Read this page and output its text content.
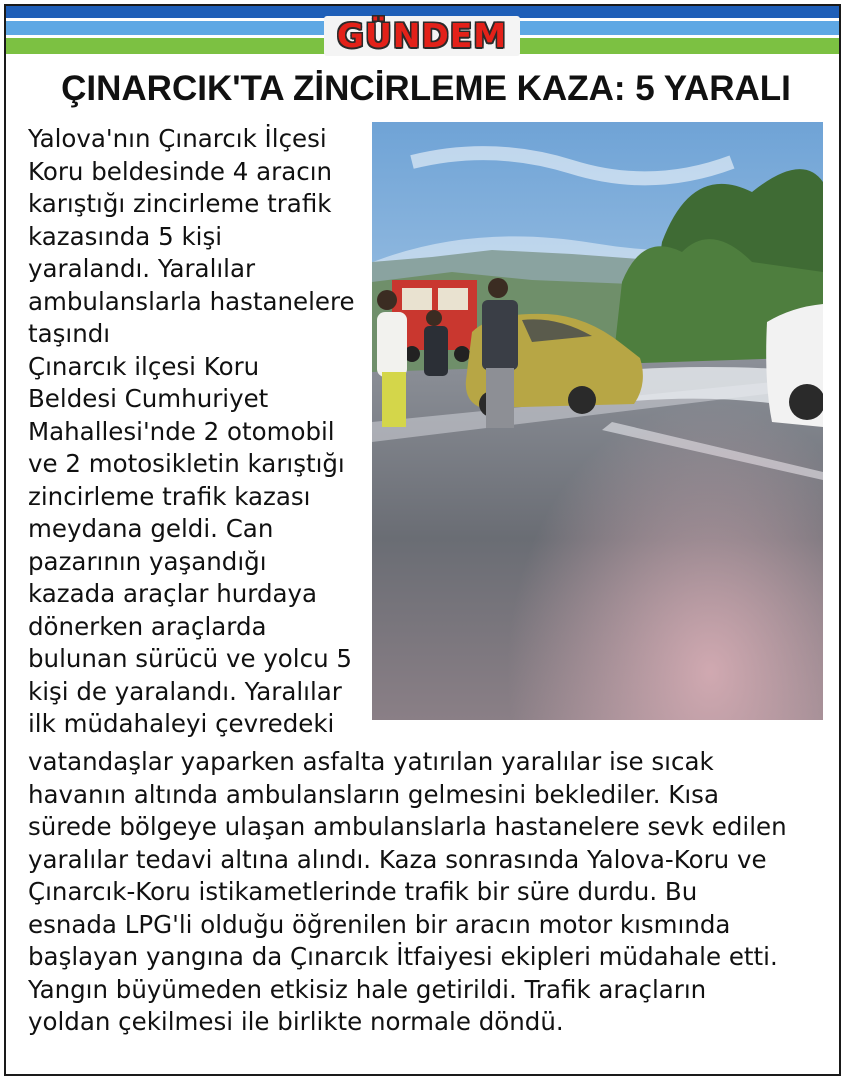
GÜNDEM
ÇINARCIK'TA ZİNCİRLEME KAZA: 5 YARALI
Yalova'nın Çınarcık İlçesi
Koru beldesinde 4 aracın
karıştığı zincirleme trafik
kazasında 5 kişi
yaralandı. Yaralılar
ambulanslarla hastanelere
taşındı
Çınarcık ilçesi Koru
Beldesi Cumhuriyet
Mahallesi'nde 2 otomobil
ve 2 motosikletin karıştığı
zincirleme trafik kazası
meydana geldi. Can
pazarının yaşandığı
kazada araçlar hurdaya
dönerken araçlarda
bulunan sürücü ve yolcu 5
kişi de yaralandı. Yaralılar
ilk müdahaleyi çevredeki
vatandaşlar yaparken asfalta yatırılan yaralılar ise sıcak
havanın altında ambulansların gelmesini beklediler. Kısa
sürede bölgeye ulaşan ambulanslarla hastanelere sevk edilen
yaralılar tedavi altına alındı. Kaza sonrasında Yalova-Koru ve
Çınarcık-Koru istikametlerinde trafik bir süre durdu. Bu
esnada LPG'li olduğu öğrenilen bir aracın motor kısmında
başlayan yangına da Çınarcık İtfaiyesi ekipleri müdahale etti.
Yangın büyümeden etkisiz hale getirildi. Trafik araçların
yoldan çekilmesi ile birlikte normale döndü.
